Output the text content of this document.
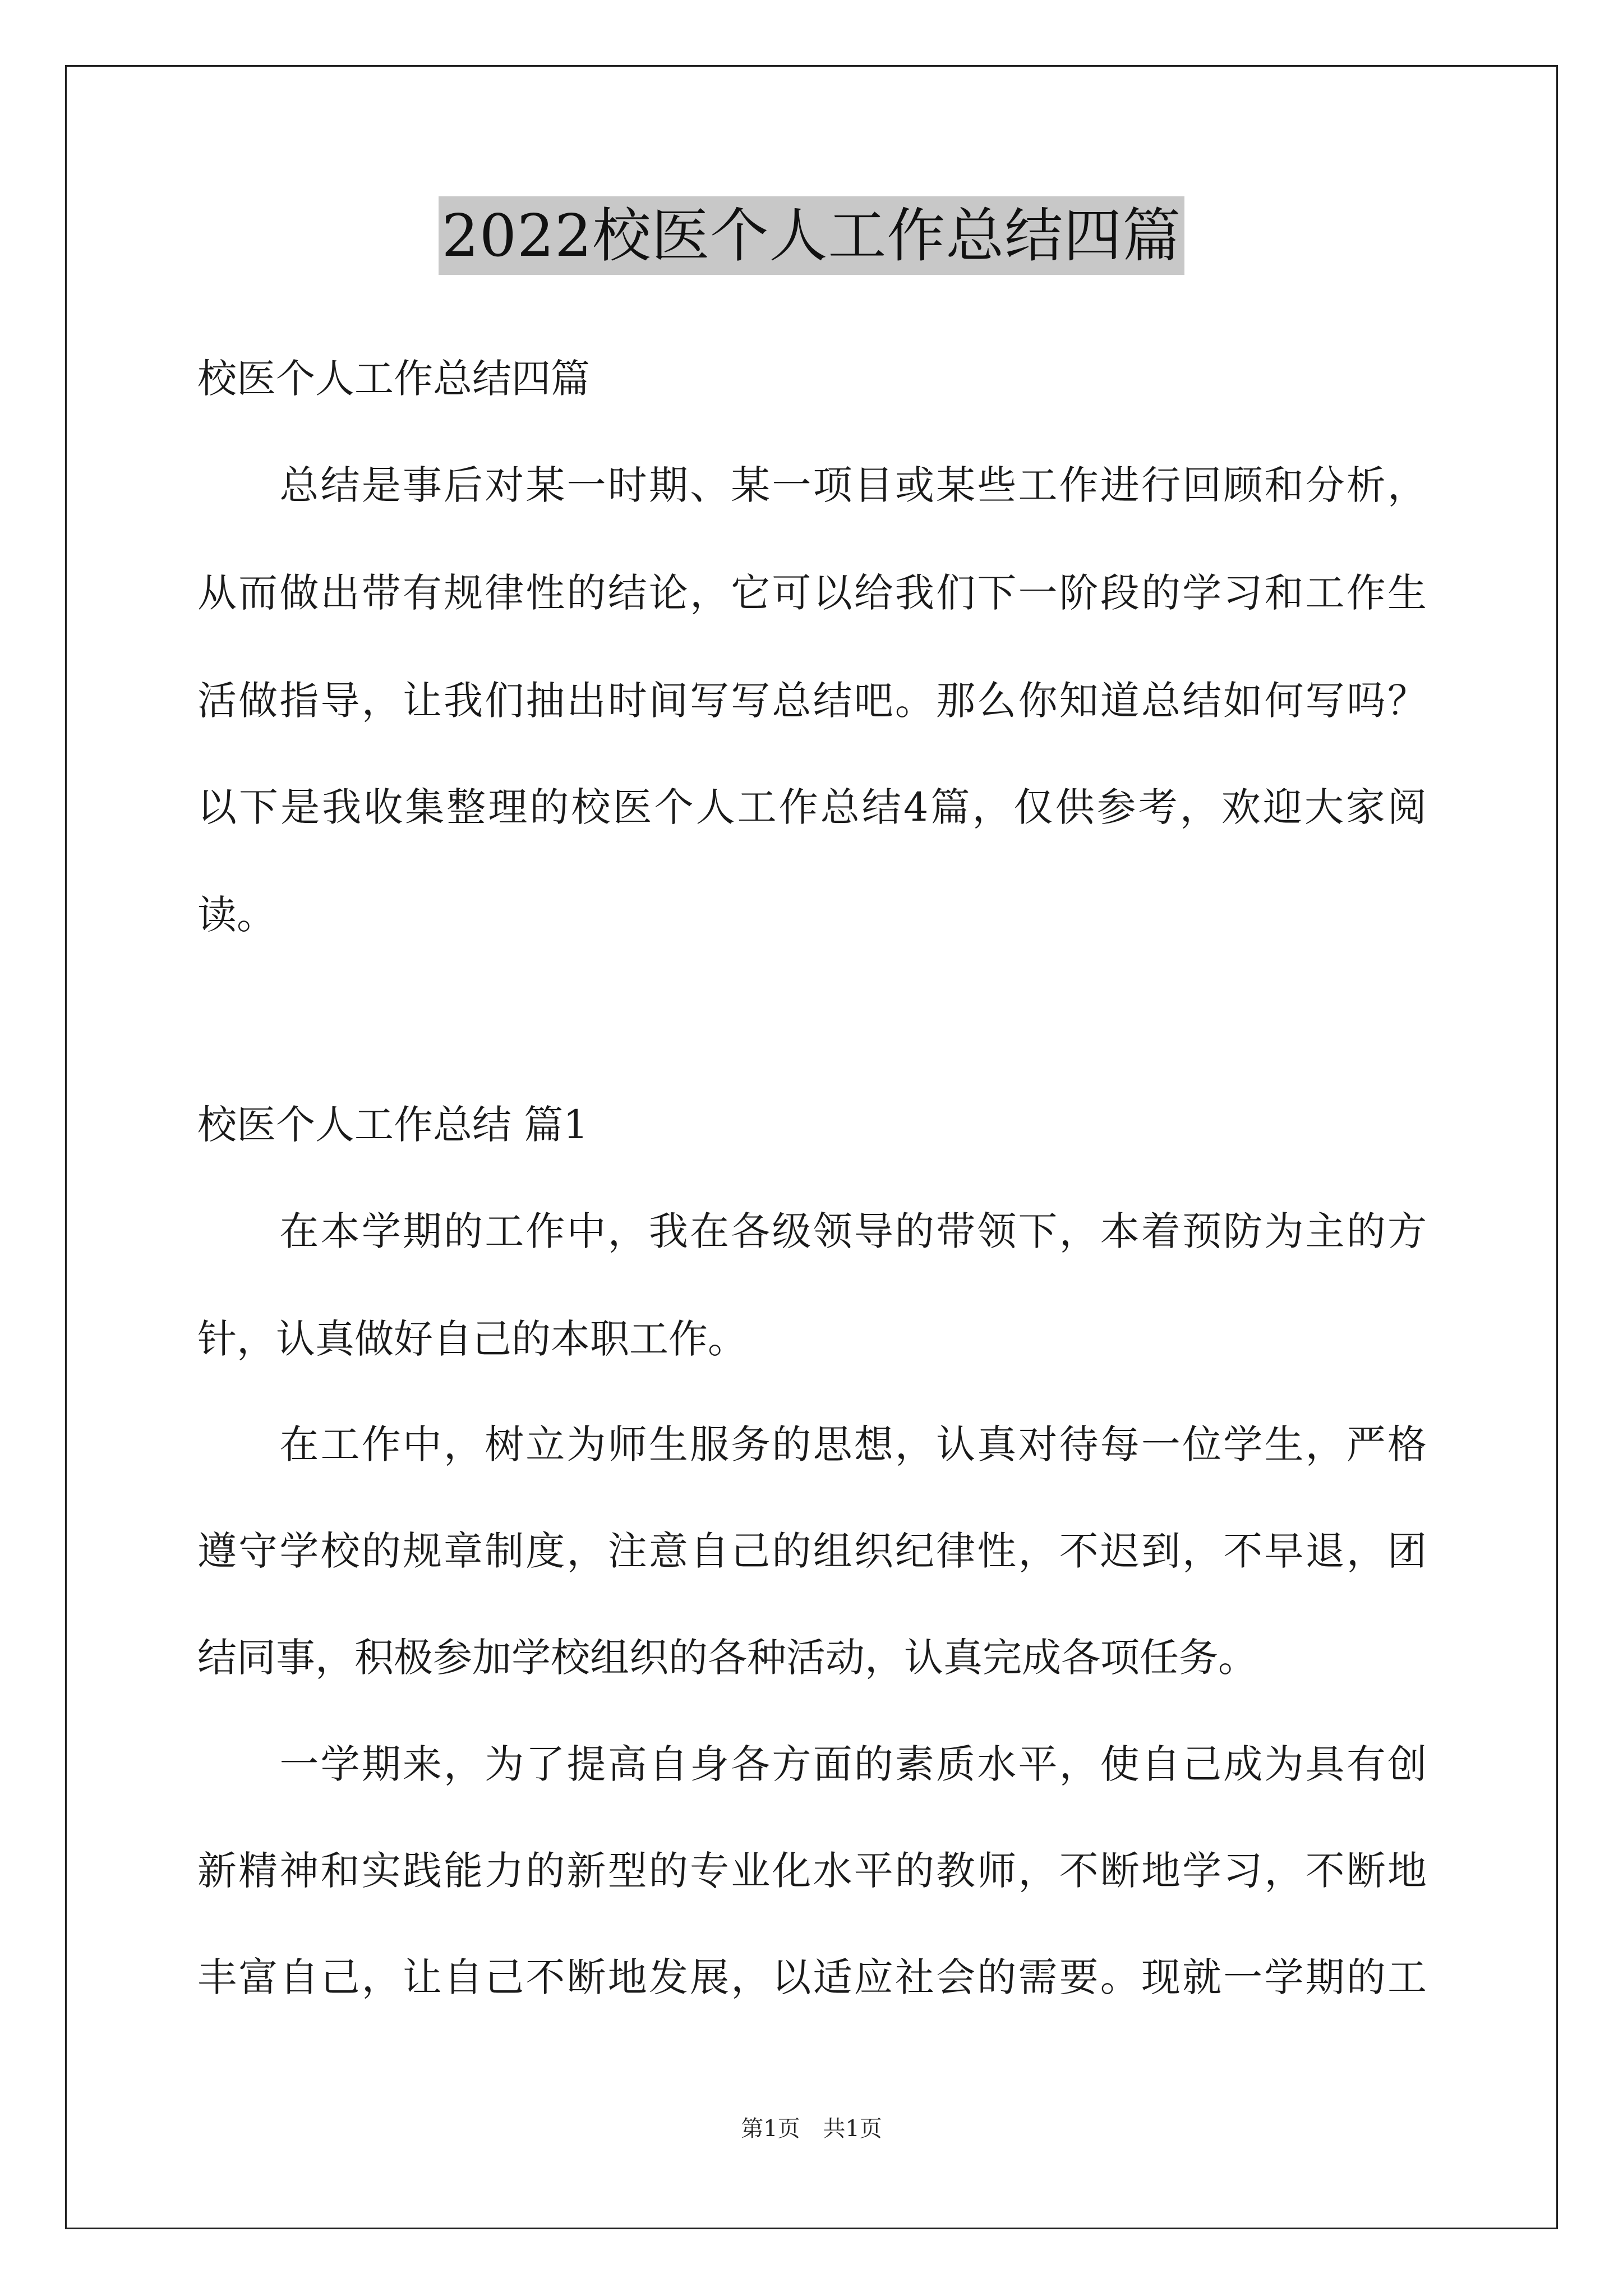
2022校医个人工作总结四篇
校医个人工作总结四篇
　　总结是事后对某一时期、某一项目或某些工作进行回顾和分析，
从而做出带有规律性的结论，它可以给我们下一阶段的学习和工作生
活做指导，让我们抽出时间写写总结吧。那么你知道总结如何写吗？
以下是我收集整理的校医个人工作总结4篇，仅供参考，欢迎大家阅
读。
校医个人工作总结 篇1
　　在本学期的工作中，我在各级领导的带领下，本着预防为主的方
针，认真做好自己的本职工作。
　　在工作中，树立为师生服务的思想，认真对待每一位学生，严格
遵守学校的规章制度，注意自己的组织纪律性，不迟到，不早退，团
结同事，积极参加学校组织的各种活动，认真完成各项任务。
　　一学期来，为了提高自身各方面的素质水平，使自己成为具有创
新精神和实践能力的新型的专业化水平的教师，不断地学习，不断地
丰富自己，让自己不断地发展，以适应社会的需要。现就一学期的工
第1页 共1页
